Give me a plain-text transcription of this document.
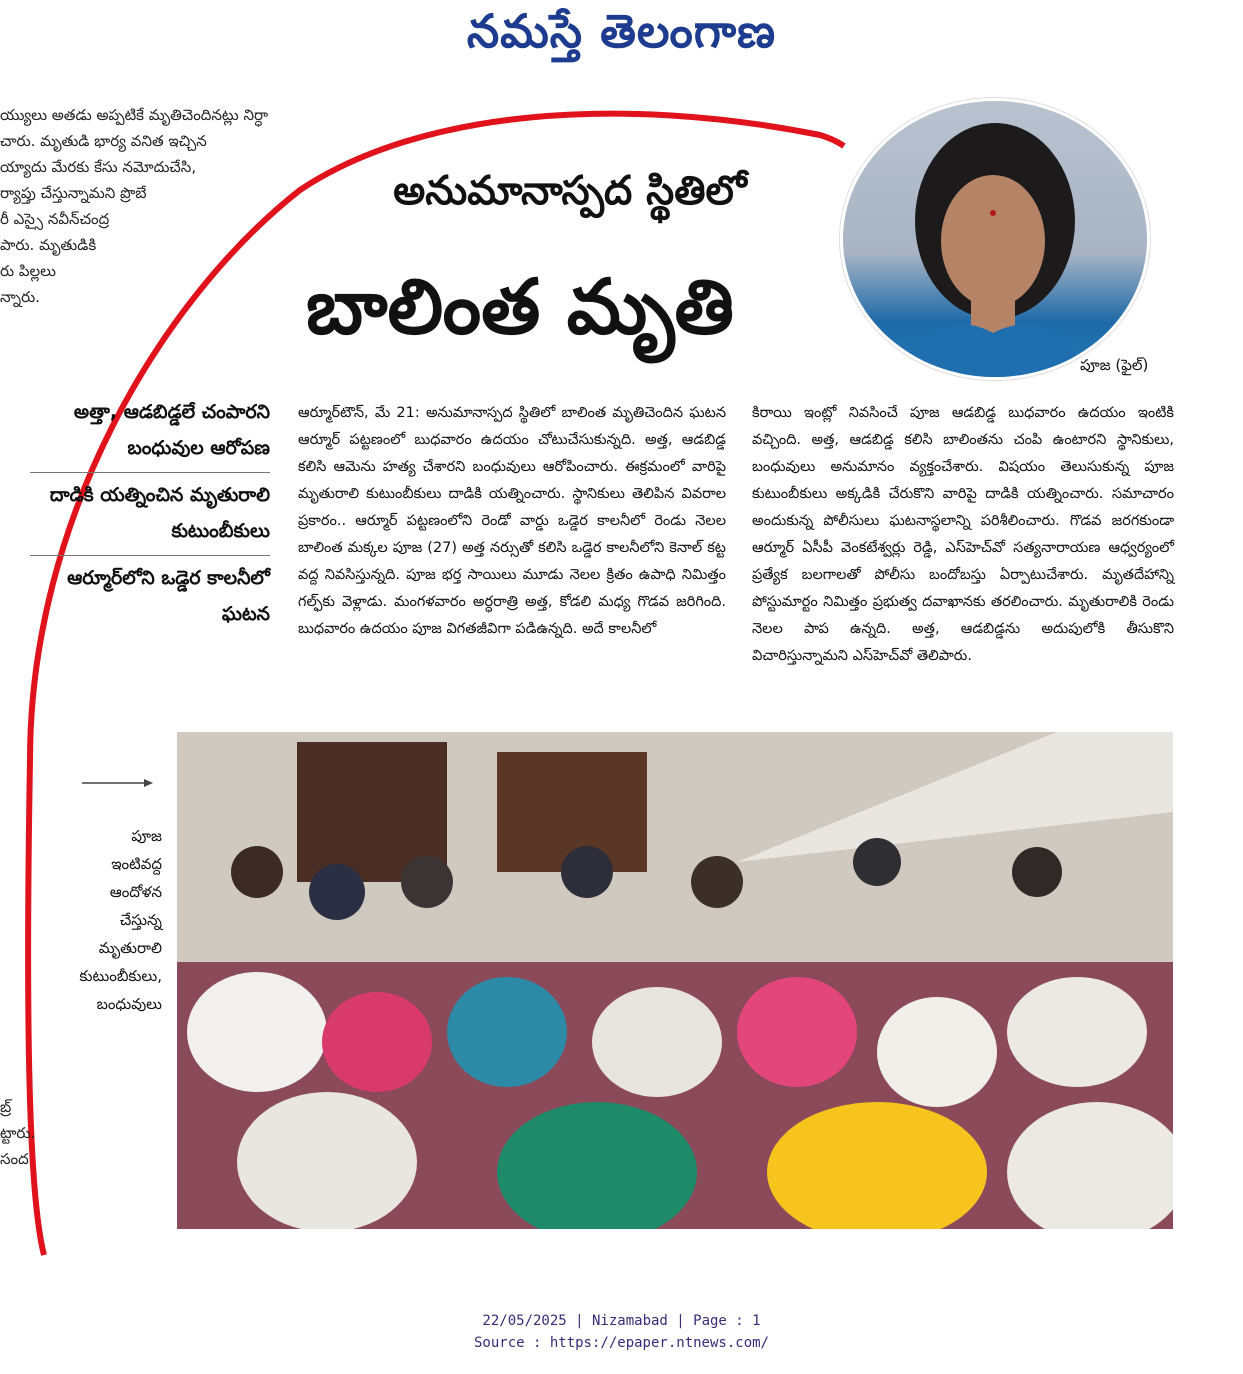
నమస్తే తెలంగాణ
య్యులు అతడు అప్పటికే మృతిచెందినట్లు నిర్ధా
చారు. మృతుడి భార్య వనిత ఇచ్చిన
య్యాదు మేరకు కేసు నమోదుచేసి,
ర్యాప్తు చేస్తున్నామని ప్రొబే
రీ ఎస్సై నవీన్‌చంద్ర
పారు. మృతుడికి
రు పిల్లలు
న్నారు.
అనుమానాస్పద స్థితిలో
బాలింత మృతి
పూజ (ఫైల్)
అత్తా, ఆడబిడ్డలే చంపారని బంధువుల ఆరోపణ
దాడికి యత్నించిన మృతురాలి కుటుంబీకులు
ఆర్మూర్‌లోని ఒడ్డెర కాలనీలో ఘటన
ఆర్మూర్‌టౌన్, మే 21: అనుమానాస్పద స్థితిలో బాలింత మృతిచెందిన ఘటన ఆర్మూర్ పట్టణంలో బుధవారం ఉదయం చోటుచేసుకున్నది. అత్త, ఆడబిడ్డ కలిసి ఆమెను హత్య చేశారని బంధువులు ఆరోపించారు. ఈక్రమంలో వారిపై మృతురాలి కుటుంబీకులు దాడికి యత్నించారు. స్థానికులు తెలిపిన వివరాల ప్రకారం.. ఆర్మూర్ పట్టణంలోని రెండో వార్డు ఒడ్డెర కాలనీలో రెండు నెలల బాలింత మక్కల పూజ (27) అత్త నర్సుతో కలిసి ఒడ్డెర కాలనీలోని కెనాల్ కట్ట వద్ద నివసిస్తున్నది. పూజ భర్త సాయిలు మూడు నెలల క్రితం ఉపాధి నిమిత్తం గల్ఫ్‌కు వెళ్లాడు. మంగళవారం అర్ధరాత్రి అత్త, కోడలి మధ్య గొడవ జరిగింది. బుధవారం ఉదయం పూజ విగతజీవిగా పడిఉన్నది. అదే కాలనీలో
కిరాయి ఇంట్లో నివసించే పూజ ఆడబిడ్డ బుధవారం ఉదయం ఇంటికి వచ్చింది. అత్త, ఆడబిడ్డ కలిసి బాలింతను చంపి ఉంటారని స్థానికులు, బంధువులు అనుమానం వ్యక్తంచేశారు. విషయం తెలుసుకున్న పూజ కుటుంబీకులు అక్కడికి చేరుకొని వారిపై దాడికి యత్నించారు. సమాచారం అందుకున్న పోలీసులు ఘటనాస్థలాన్ని పరిశీలించారు. గొడవ జరగకుండా ఆర్మూర్ ఏసీపీ వెంకటేశ్వర్లు రెడ్డి, ఎస్‌హెచ్‌వో సత్యనారాయణ ఆధ్వర్యంలో ప్రత్యేక బలగాలతో పోలీసు బందోబస్తు ఏర్పాటుచేశారు. మృతదేహాన్ని పోస్టుమార్టం నిమిత్తం ప్రభుత్వ దవాఖానకు తరలించారు. మృతురాలికి రెండు నెలల పాప ఉన్నది. అత్త, ఆడబిడ్డను అదుపులోకి తీసుకొని విచారిస్తున్నామని ఎస్‌హెచ్‌వో తెలిపారు.
పూజ
ఇంటివద్ద
ఆందోళన
చేస్తున్న
మృతురాలి
కుటుంబీకులు,
బంధువులు
బ్ర్
ట్టారు.
సంద
22/05/2025 | Nizamabad | Page : 1
Source : https://epaper.ntnews.com/
